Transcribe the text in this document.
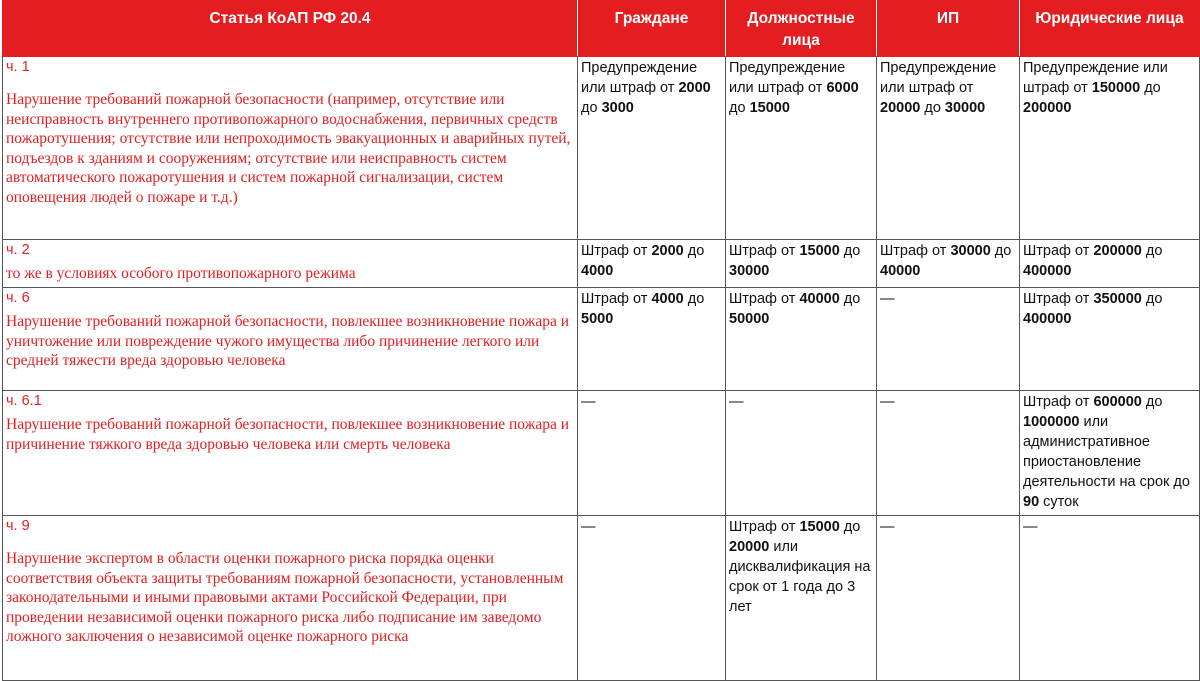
Статья КоАП РФ 20.4	Граждане	Должностные лица	ИП	Юридические лица

ч. 1
Нарушение требований пожарной безопасности (например, отсутствие или неисправность внутреннего противопожарного водоснабжения, первичных средств пожаротушения; отсутствие или непроходимость эвакуационных и аварийных путей, подъездов к зданиям и сооружениям; отсутствие или неисправность систем автоматического пожаротушения и систем пожарной сигнализации, систем оповещения людей о пожаре и т.д.)	Предупреждение или штраф от 2000 до 3000	Предупреждение или штраф от 6000 до 15000	Предупреждение или штраф от 20000 до 30000	Предупреждение или штраф от 150000 до 200000

ч. 2
то же в условиях особого противопожарного режима	Штраф от 2000 до 4000	Штраф от 15000 до 30000	Штраф от 30000 до 40000	Штраф от 200000 до 400000

ч. 6
Нарушение требований пожарной безопасности, повлекшее возникновение пожара и уничтожение или повреждение чужого имущества либо причинение легкого или средней тяжести вреда здоровью человека	Штраф от 4000 до 5000	Штраф от 40000 до 50000	—	Штраф от 350000 до 400000

ч. 6.1
Нарушение требований пожарной безопасности, повлекшее возникновение пожара и причинение тяжкого вреда здоровью человека или смерть человека	—	—	—	Штраф от 600000 до 1000000 или административное приостановление деятельности на срок до 90 суток

ч. 9
Нарушение экспертом в области оценки пожарного риска порядка оценки соответствия объекта защиты требованиям пожарной безопасности, установленным законодательными и иными правовыми актами Российской Федерации, при проведении независимой оценки пожарного риска либо подписание им заведомо ложного заключения о независимой оценке пожарного риска	—	Штраф от 15000 до 20000 или дисквалификация на срок от 1 года до 3 лет	—	—
